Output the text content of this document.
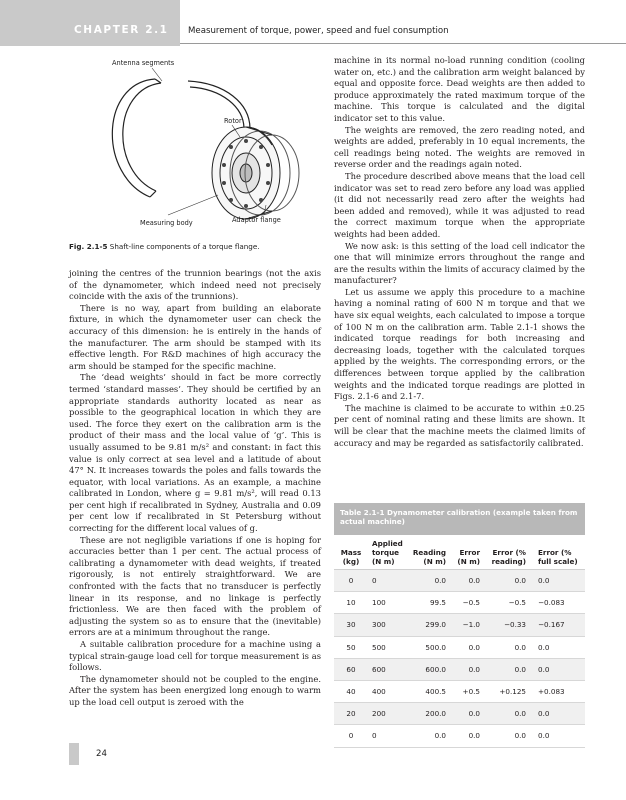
CHAPTER 2.1 Measurement of torque, power, speed and fuel consumption
Antenna segments
Rotor
Measuring body	Adaptor flange
Fig. 2.1-5 Shaft-line components of a torque flange.

joining the centres of the trunnion bearings (not the axis of the dynamometer, which indeed need not precisely coincide with the axis of the trunnions).

There is no way, apart from building an elaborate fixture, in which the dynamometer user can check the accuracy of this dimension: he is entirely in the hands of the manufacturer. The arm should be stamped with its effective length. For R&D machines of high accuracy the arm should be stamped for the specific machine.

The ‘dead weights’ should in fact be more correctly termed ‘standard masses’. They should be certified by an appropriate standards authority located as near as possible to the geographical location in which they are used. The force they exert on the calibration arm is the product of their mass and the local value of ‘g’. This is usually assumed to be 9.81 m/s² and constant: in fact this value is only correct at sea level and a latitude of about 47° N. It increases towards the poles and falls towards the equator, with local variations. As an example, a machine calibrated in London, where g = 9.81 m/s², will read 0.13 per cent high if recalibrated in Sydney, Australia and 0.09 per cent low if recalibrated in St Petersburg without correcting for the different local values of g.

These are not negligible variations if one is hoping for accuracies better than 1 per cent. The actual process of calibrating a dynamometer with dead weights, if treated rigorously, is not entirely straightforward. We are confronted with the facts that no transducer is perfectly linear in its response, and no linkage is perfectly frictionless. We are then faced with the problem of adjusting the system so as to ensure that the (inevitable) errors are at a minimum throughout the range.

A suitable calibration procedure for a machine using a typical strain-gauge load cell for torque measurement is as follows.

The dynamometer should not be coupled to the engine. After the system has been energized long enough to warm up the load cell output is zeroed with the

machine in its normal no-load running condition (cooling water on, etc.) and the calibration arm weight balanced by equal and opposite force. Dead weights are then added to produce approximately the rated maximum torque of the machine. This torque is calculated and the digital indicator set to this value.

The weights are removed, the zero reading noted, and weights are added, preferably in 10 equal increments, the cell readings being noted. The weights are removed in reverse order and the readings again noted.

The procedure described above means that the load cell indicator was set to read zero before any load was applied (it did not necessarily read zero after the weights had been added and removed), while it was adjusted to read the correct maximum torque when the appropriate weights had been added.

We now ask: is this setting of the load cell indicator the one that will minimize errors throughout the range and are the results within the limits of accuracy claimed by the manufacturer?

Let us assume we apply this procedure to a machine having a nominal rating of 600 N m torque and that we have six equal weights, each calculated to impose a torque of 100 N m on the calibration arm. Table 2.1-1 shows the indicated torque readings for both increasing and decreasing loads, together with the calculated torques applied by the weights. The corresponding errors, or the differences between torque applied by the calibration weights and the indicated torque readings are plotted in Figs. 2.1-6 and 2.1-7.

The machine is claimed to be accurate to within ±0.25 per cent of nominal rating and these limits are shown. It will be clear that the machine meets the claimed limits of accuracy and may be regarded as satisfactorily calibrated.

Table 2.1-1 Dynamometer calibration (example taken from actual machine)
Mass
(kg)	Applied
torque
(N m)	Reading
(N m)	Error
(N m)	Error (%
reading)	Error (%
full scale)
0	0	0.0	0.0	0.0	0.0
10	100	99.5	−0.5	−0.5	−0.083
30	300	299.0	−1.0	−0.33	−0.167
50	500	500.0	0.0	0.0	0.0
60	600	600.0	0.0	0.0	0.0
40	400	400.5	+0.5	+0.125	+0.083
20	200	200.0	0.0	0.0	0.0
0	0	0.0	0.0	0.0	0.0
24
